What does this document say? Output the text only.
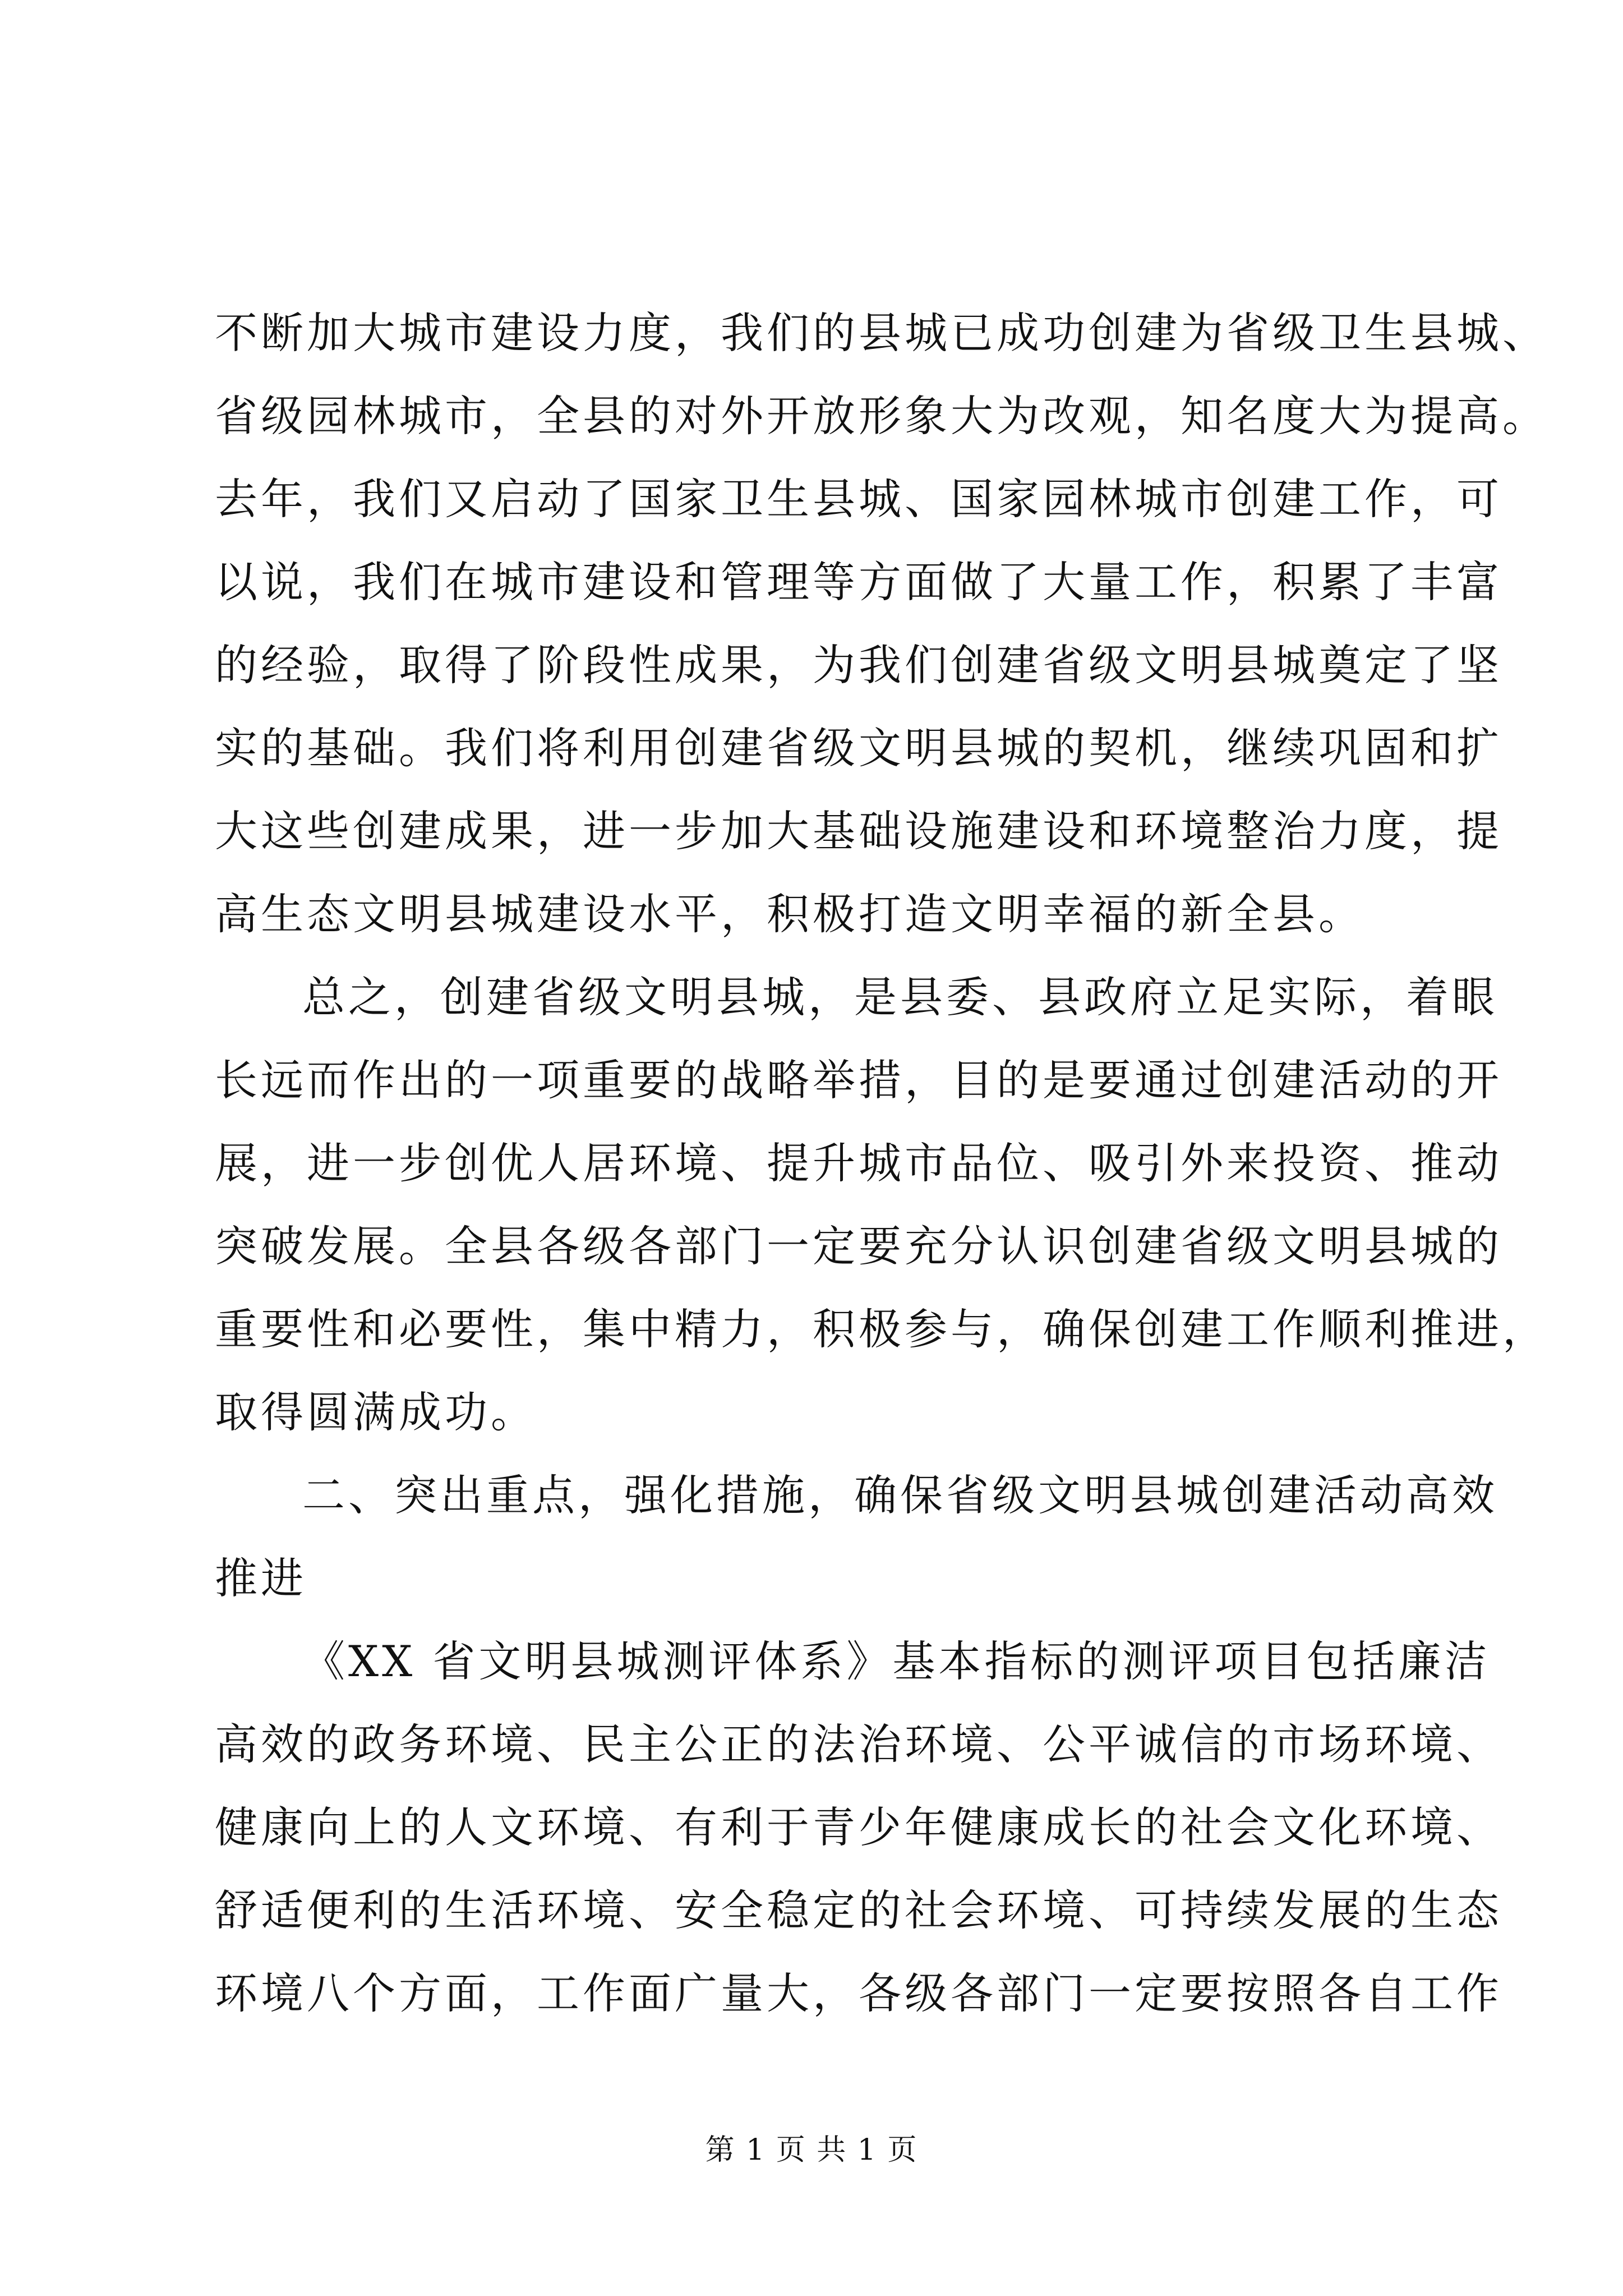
不断加大城市建设力度，我们的县城已成功创建为省级卫生县城、
省级园林城市，全县的对外开放形象大为改观，知名度大为提高。
去年，我们又启动了国家卫生县城、国家园林城市创建工作，可
以说，我们在城市建设和管理等方面做了大量工作，积累了丰富
的经验，取得了阶段性成果，为我们创建省级文明县城奠定了坚
实的基础。我们将利用创建省级文明县城的契机，继续巩固和扩
大这些创建成果，进一步加大基础设施建设和环境整治力度，提
高生态文明县城建设水平，积极打造文明幸福的新全县。
总之，创建省级文明县城，是县委、县政府立足实际，着眼
长远而作出的一项重要的战略举措，目的是要通过创建活动的开
展，进一步创优人居环境、提升城市品位、吸引外来投资、推动
突破发展。全县各级各部门一定要充分认识创建省级文明县城的
重要性和必要性，集中精力，积极参与，确保创建工作顺利推进，
取得圆满成功。
二、突出重点，强化措施，确保省级文明县城创建活动高效
推进
《XX 省文明县城测评体系》基本指标的测评项目包括廉洁
高效的政务环境、民主公正的法治环境、公平诚信的市场环境、
健康向上的人文环境、有利于青少年健康成长的社会文化环境、
舒适便利的生活环境、安全稳定的社会环境、可持续发展的生态
环境八个方面，工作面广量大，各级各部门一定要按照各自工作
第 1 页 共 1 页
